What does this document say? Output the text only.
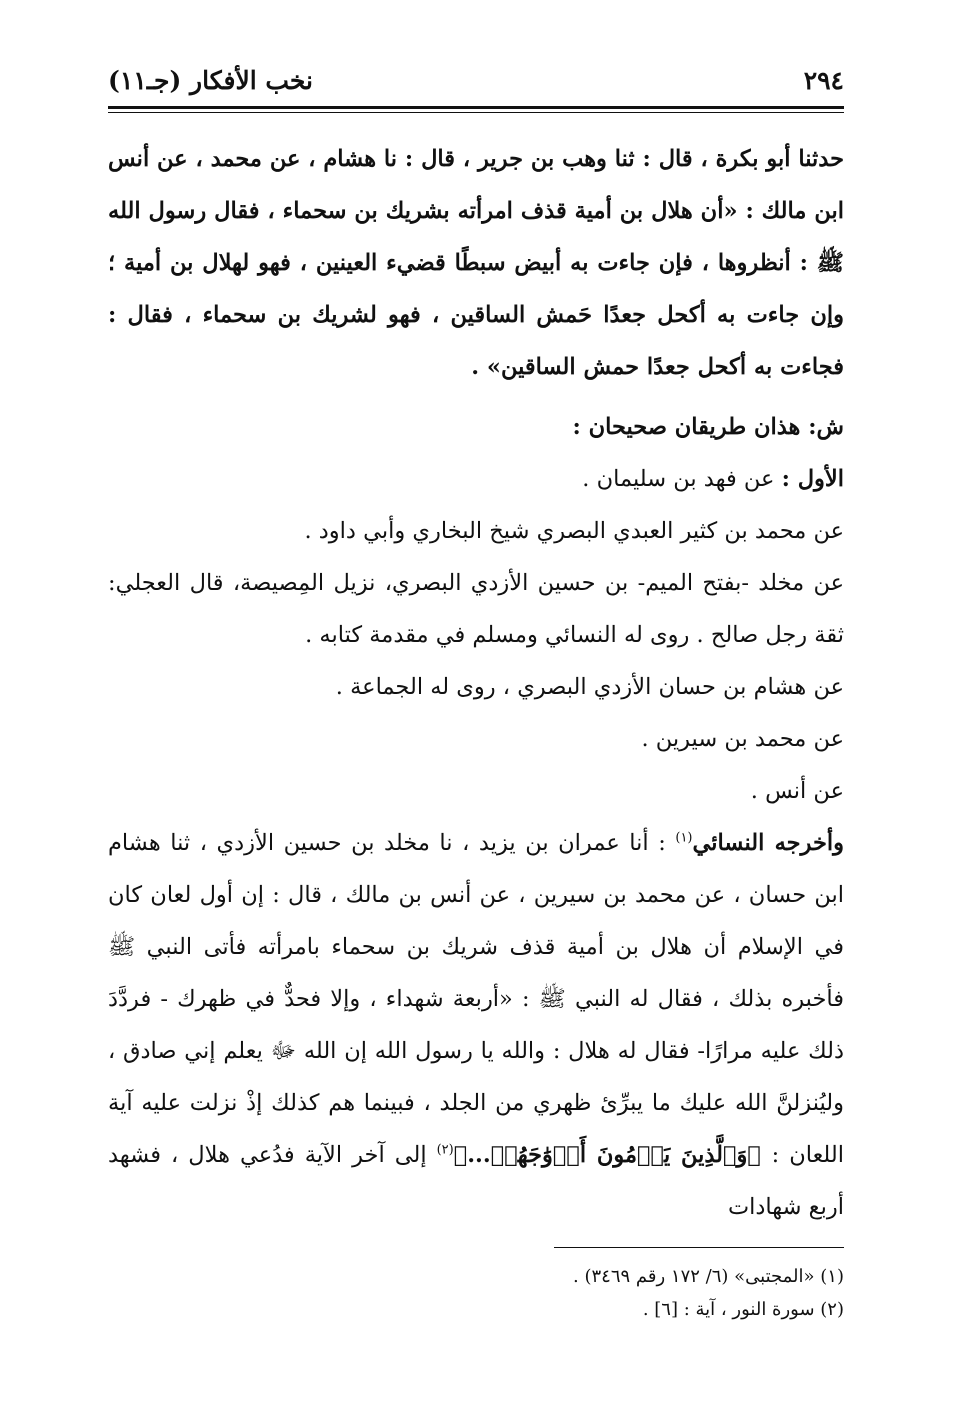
٢٩٤
نخب الأفكار (جـ١١)

حدثنا أبو بكرة ، قال : ثنا وهب بن جرير ، قال : نا هشام ، عن محمد ، عن أنس ابن مالك : «أن هلال بن أمية قذف امرأته بشريك بن سحماء ، فقال رسول الله ﷺ : أنظروها ، فإن جاءت به أبيض سبطًا قضيء العينين ، فهو لهلال بن أمية ؛ وإن جاءت به أكحل جعدًا حَمش الساقين ، فهو لشريك بن سحماء ، فقال : فجاءت به أكحل جعدًا حمش الساقين» .

ش: هذان طريقان صحيحان :

الأول : عن فهد بن سليمان .

عن محمد بن كثير العبدي البصري شيخ البخاري وأبي داود .

عن مخلد -بفتح الميم- بن حسين الأزدي البصري، نزيل المِصيصة، قال العجلي: ثقة رجل صالح . روى له النسائي ومسلم في مقدمة كتابه .

عن هشام بن حسان الأزدي البصري ، روى له الجماعة .

عن محمد بن سيرين .

عن أنس .

وأخرجه النسائي$^{(١)}$ : أنا عمران بن يزيد ، نا مخلد بن حسين الأزدي ، ثنا هشام ابن حسان ، عن محمد بن سيرين ، عن أنس بن مالك ، قال : إن أول لعان كان في الإسلام أن هلال بن أمية قذف شريك بن سحماء بامرأته فأتى النبي ﷺ فأخبره بذلك ، فقال له النبي ﷺ : «أربعة شهداء ، وإلا فحدٌّ في ظهرك - فردَّدَ ذلك عليه مرارًا- فقال له هلال : والله يا رسول الله إن الله ﷻ يعلم إني صادق ، وليُنزلنَّ الله عليك ما يبرِّئ ظهري من الجلد ، فبينما هم كذلك إذْ نزلت عليه آية اللعان : ﴿وَٱلَّذِينَ يَرۡمُونَ أَزۡوَٰجَهُمۡ...﴾$^{(٢)}$ إلى آخر الآية فدُعي هلال ، فشهد أربع شهادات

(١) «المجتبى» (٦/ ١٧٢ رقم ٣٤٦٩) .

(٢) سورة النور ، آية : [٦] .
